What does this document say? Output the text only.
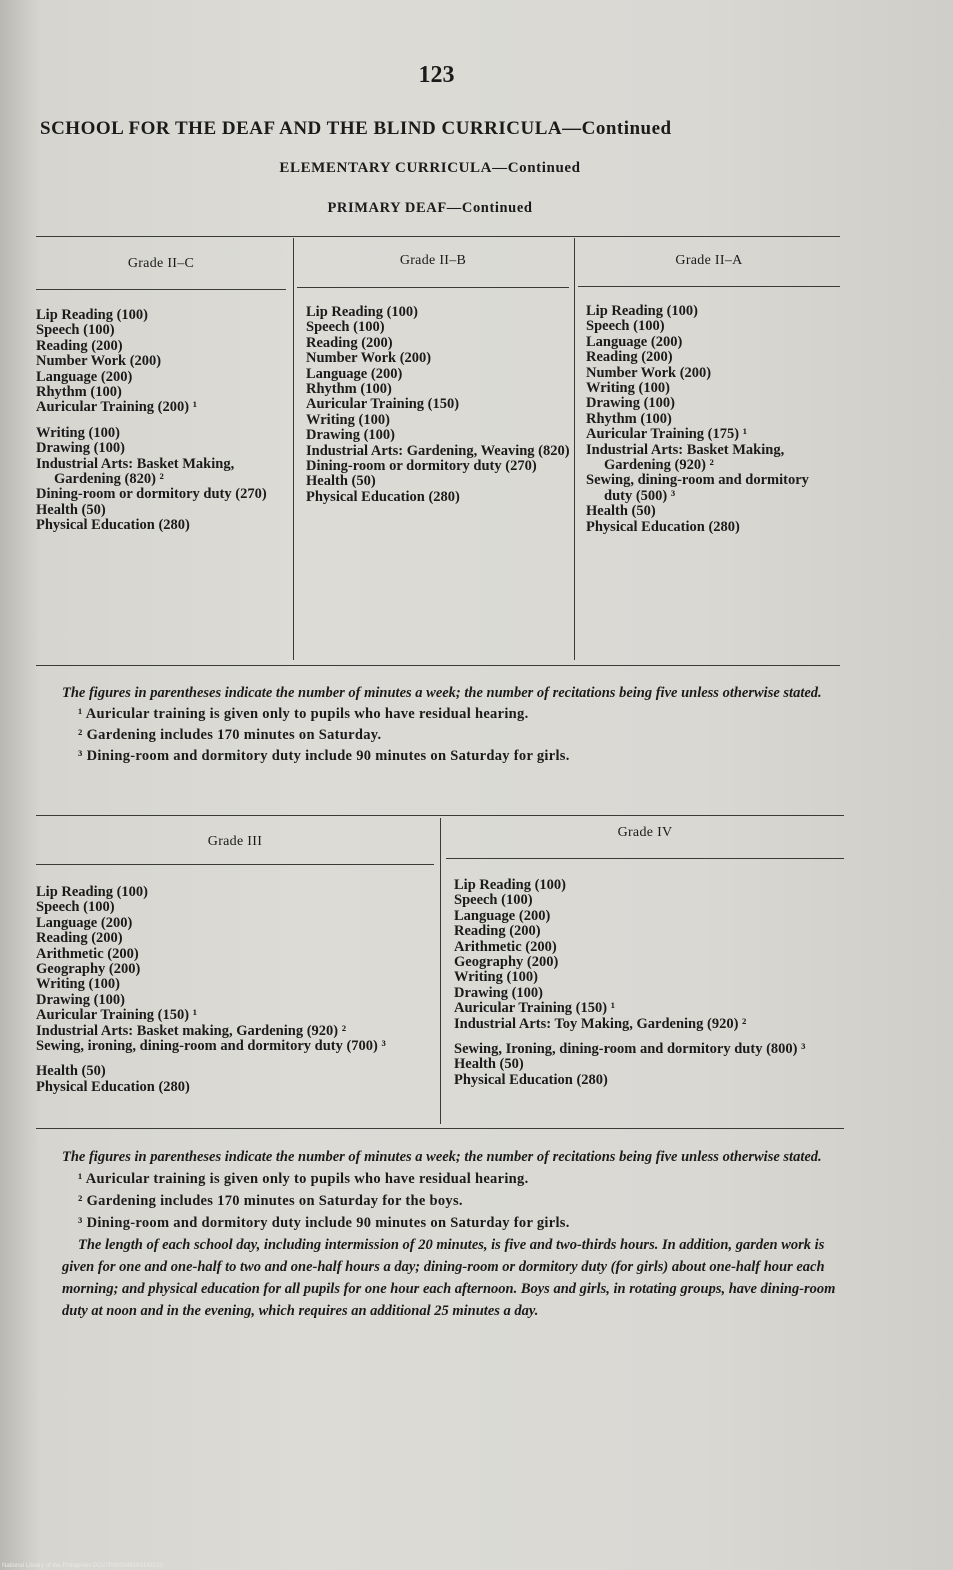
123
SCHOOL FOR THE DEAF AND THE BLIND CURRICULA—Continued
ELEMENTARY CURRICULA—Continued
PRIMARY DEAF—Continued
Grade II–C	Grade II–B	Grade II–A
Lip Reading (100)
Speech (100)
Reading (200)
Number Work (200)
Language (200)
Rhythm (100)
Auricular Training (200) ¹
Writing (100)
Drawing (100)
Industrial Arts: Basket Making, Gardening (820) ²
Dining-room or dormitory duty (270)
Health (50)
Physical Education (280)
Lip Reading (100)
Speech (100)
Reading (200)
Number Work (200)
Language (200)
Rhythm (100)
Auricular Training (150)
Writing (100)
Drawing (100)
Industrial Arts: Gardening, Weaving (820)
Dining-room or dormitory duty (270)
Health (50)
Physical Education (280)
Lip Reading (100)
Speech (100)
Language (200)
Reading (200)
Number Work (200)
Writing (100)
Drawing (100)
Rhythm (100)
Auricular Training (175) ¹
Industrial Arts: Basket Making, Gardening (920) ²
Sewing, dining-room and dormitory duty (500) ³
Health (50)
Physical Education (280)
The figures in parentheses indicate the number of minutes a week; the number of recitations being five unless otherwise stated.
¹ Auricular training is given only to pupils who have residual hearing.
² Gardening includes 170 minutes on Saturday.
³ Dining-room and dormitory duty include 90 minutes on Saturday for girls.
Grade III
Grade IV
Lip Reading (100)
Speech (100)
Language (200)
Reading (200)
Arithmetic (200)
Geography (200)
Writing (100)
Drawing (100)
Auricular Training (150) ¹
Industrial Arts: Basket making, Gardening (920) ²
Sewing, ironing, dining-room and dormitory duty (700) ³
Health (50)
Physical Education (280)
Lip Reading (100)
Speech (100)
Language (200)
Reading (200)
Arithmetic (200)
Geography (200)
Writing (100)
Drawing (100)
Auricular Training (150) ¹
Industrial Arts: Toy Making, Gardening (920) ²
Sewing, Ironing, dining-room and dormitory duty (800) ³
Health (50)
Physical Education (280)
The figures in parentheses indicate the number of minutes a week; the number of recitations being five unless otherwise stated.
¹ Auricular training is given only to pupils who have residual hearing.
² Gardening includes 170 minutes on Saturday for the boys.
³ Dining-room and dormitory duty include 90 minutes on Saturday for girls.
The length of each school day, including intermission of 20 minutes, is five and two-thirds hours. In addition, garden work is given for one and one-half to two and one-half hours a day; dining-room or dormitory duty (for girls) about one-half hour each morning; and physical education for all pupils for one hour each afternoon. Boys and girls, in rotating groups, have dining-room duty at noon and in the evening, which requires an additional 25 minutes a day.
National Library of the Philippines DO27P000046163143131
